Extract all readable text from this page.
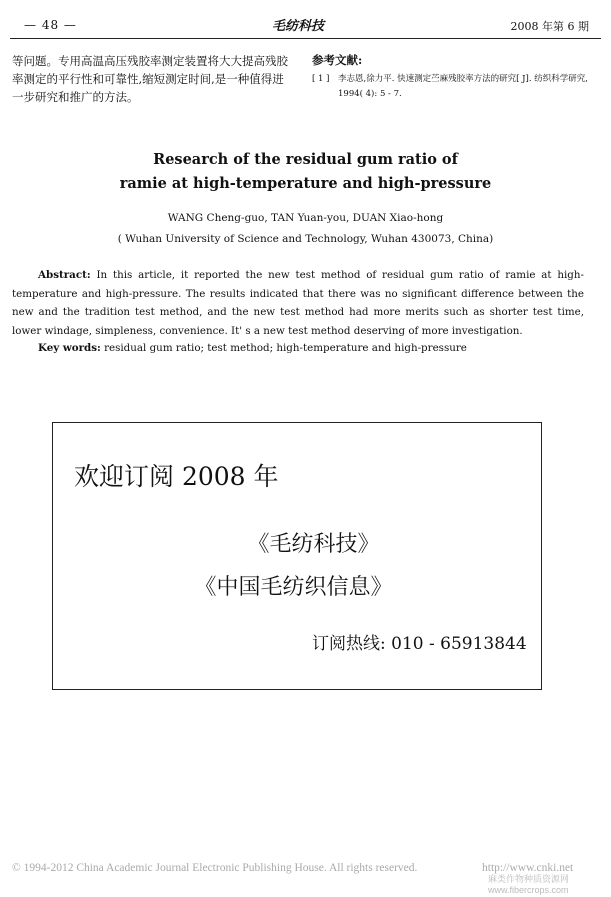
— 48 —	毛纺科技	2008 年第 6 期
等问题。专用高温高压残胶率测定装置将大大提高残胶率测定的平行性和可靠性,缩短测定时间,是一种值得进一步研究和推广的方法。
参考文献:
[ 1 ]	李志恩,徐力平. 快速测定苎麻残胶率方法的研究[ J]. 纺织科学研究, 1994( 4): 5 - 7.
Research of the residual gum ratio of
ramie at high-temperature and high-pressure
WANG Cheng-guo, TAN Yuan-you, DUAN Xiao-hong
( Wuhan University of Science and Technology, Wuhan 430073, China)

Abstract: In this article, it reported the new test method of residual gum ratio of ramie at high-temperature and high-pressure. The results indicated that there was no significant difference between the new and the tradition test method, and the new test method had more merits such as shorter test time, lower windage, simpleness, convenience. It' s a new test method deserving of more investigation.

Key words: residual gum ratio; test method; high-temperature and high-pressure
欢迎订阅 2008 年
《毛纺科技》
《中国毛纺织信息》
订阅热线: 010 - 65913844
© 1994-2012 China Academic Journal Electronic Publishing House. All rights reserved.	http://www.cnki.net
麻类作物种质资源网 www.fibercrops.com
